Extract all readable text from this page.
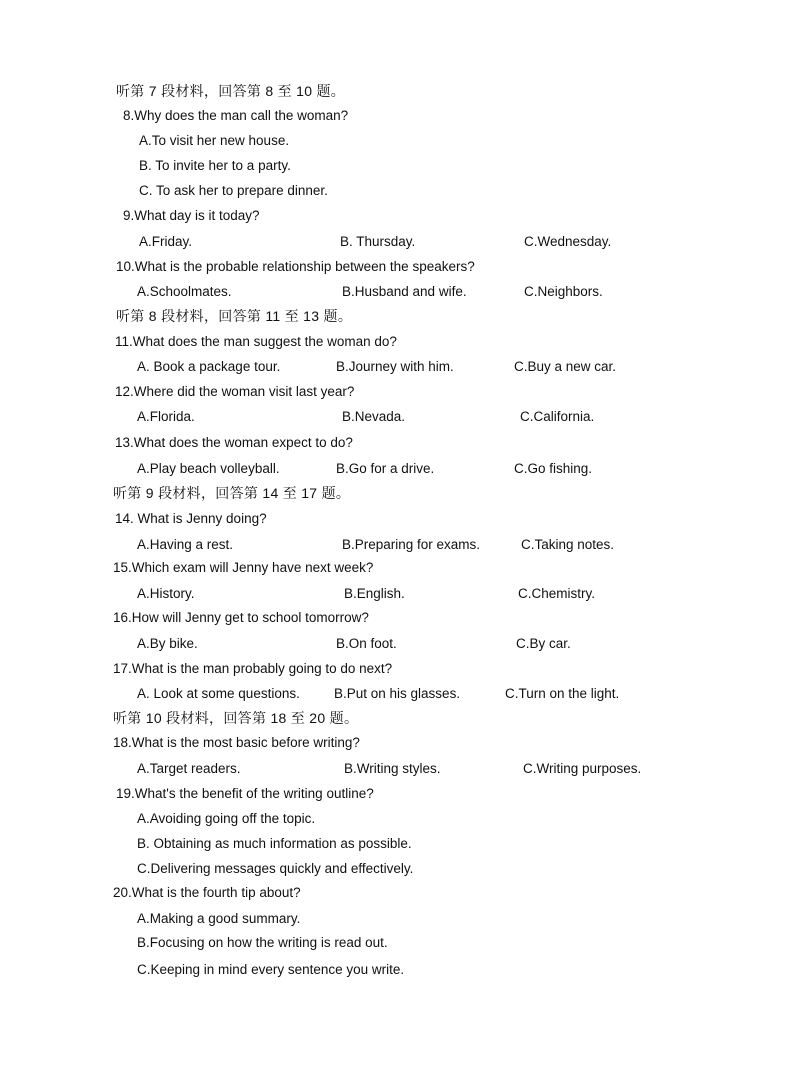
听第 7 段材料，回答第 8 至 10 题。
8.Why does the man call the woman?
A.To visit her new house.
B. To invite her to a party.
C. To ask her to prepare dinner.
9.What day is it today?
A.Friday.	B. Thursday.	C.Wednesday.
10.What is the probable relationship between the speakers?
A.Schoolmates.	B.Husband and wife.	C.Neighbors.
听第 8 段材料，回答第 11 至 13 题。
11.What does the man suggest the woman do?
A. Book a package tour.	B.Journey with him.	C.Buy a new car.
12.Where did the woman visit last year?
A.Florida.	B.Nevada.	C.California.
13.What does the woman expect to do?
A.Play beach volleyball.	B.Go for a drive.	C.Go fishing.
听第 9 段材料，回答第 14 至 17 题。
14. What is Jenny doing?
A.Having a rest.	B.Preparing for exams.	C.Taking notes.
15.Which exam will Jenny have next week?
A.History.	B.English.	C.Chemistry.
16.How will Jenny get to school tomorrow?
A.By bike.	B.On foot.	C.By car.
17.What is the man probably going to do next?
A. Look at some questions.	B.Put on his glasses.	C.Turn on the light.
听第 10 段材料，回答第 18 至 20 题。
18.What is the most basic before writing?
A.Target readers.	B.Writing styles.	C.Writing purposes.
19.What's the benefit of the writing outline?
A.Avoiding going off the topic.
B. Obtaining as much information as possible.
C.Delivering messages quickly and effectively.
20.What is the fourth tip about?
A.Making a good summary.
B.Focusing on how the writing is read out.
C.Keeping in mind every sentence you write.
